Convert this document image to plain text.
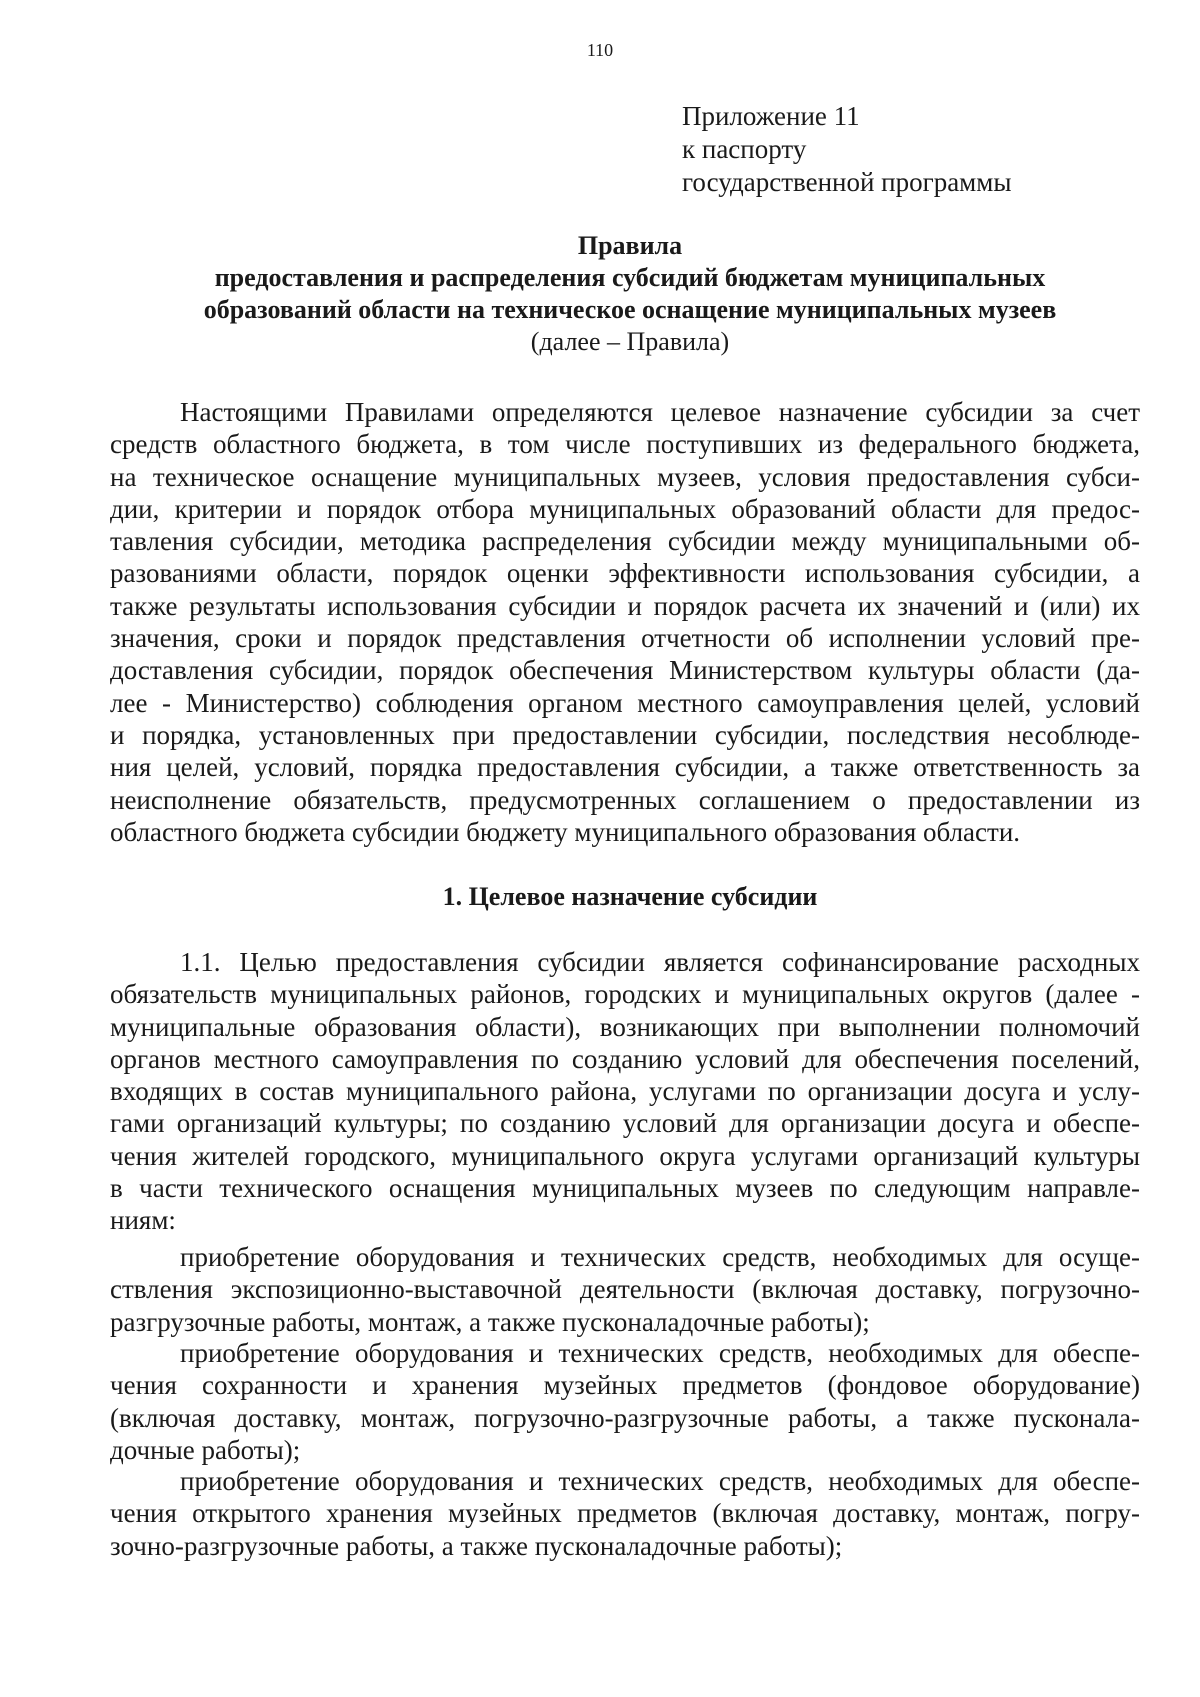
110
Приложение 11
к паспорту
государственной программы
Правила
предоставления и распределения субсидий бюджетам муниципальных
образований области на техническое оснащение муниципальных музеев
(далее – Правила)
Настоящими Правилами определяются целевое назначение субсидии за счет
средств областного бюджета, в том числе поступивших из федерального бюджета,
на техническое оснащение муниципальных музеев, условия предоставления субси-
дии, критерии и порядок отбора муниципальных образований области для предос-
тавления субсидии, методика распределения субсидии между муниципальными об-
разованиями области, порядок оценки эффективности использования субсидии, а
также результаты использования субсидии и порядок расчета их значений и (или) их
значения, сроки и порядок представления отчетности об исполнении условий пре-
доставления субсидии, порядок обеспечения Министерством культуры области (да-
лее - Министерство) соблюдения органом местного самоуправления целей, условий
и порядка, установленных при предоставлении субсидии, последствия несоблюде-
ния целей, условий, порядка предоставления субсидии, а также ответственность за
неисполнение обязательств, предусмотренных соглашением о предоставлении из
областного бюджета субсидии бюджету муниципального образования области.
1. Целевое назначение субсидии
1.1. Целью предоставления субсидии является софинансирование расходных
обязательств муниципальных районов, городских и муниципальных округов (далее -
муниципальные образования области), возникающих при выполнении полномочий
органов местного самоуправления по созданию условий для обеспечения поселений,
входящих в состав муниципального района, услугами по организации досуга и услу-
гами организаций культуры; по созданию условий для организации досуга и обеспе-
чения жителей городского, муниципального округа услугами организаций культуры
в части технического оснащения муниципальных музеев по следующим направле-
ниям:
приобретение оборудования и технических средств, необходимых для осуще-
ствления экспозиционно-выставочной деятельности (включая доставку, погрузочно-
разгрузочные работы, монтаж, а также пусконаладочные работы);
приобретение оборудования и технических средств, необходимых для обеспе-
чения сохранности и хранения музейных предметов (фондовое оборудование)
(включая доставку, монтаж, погрузочно-разгрузочные работы, а также пусконала-
дочные работы);
приобретение оборудования и технических средств, необходимых для обеспе-
чения открытого хранения музейных предметов (включая доставку, монтаж, погру-
зочно-разгрузочные работы, а также пусконаладочные работы);
